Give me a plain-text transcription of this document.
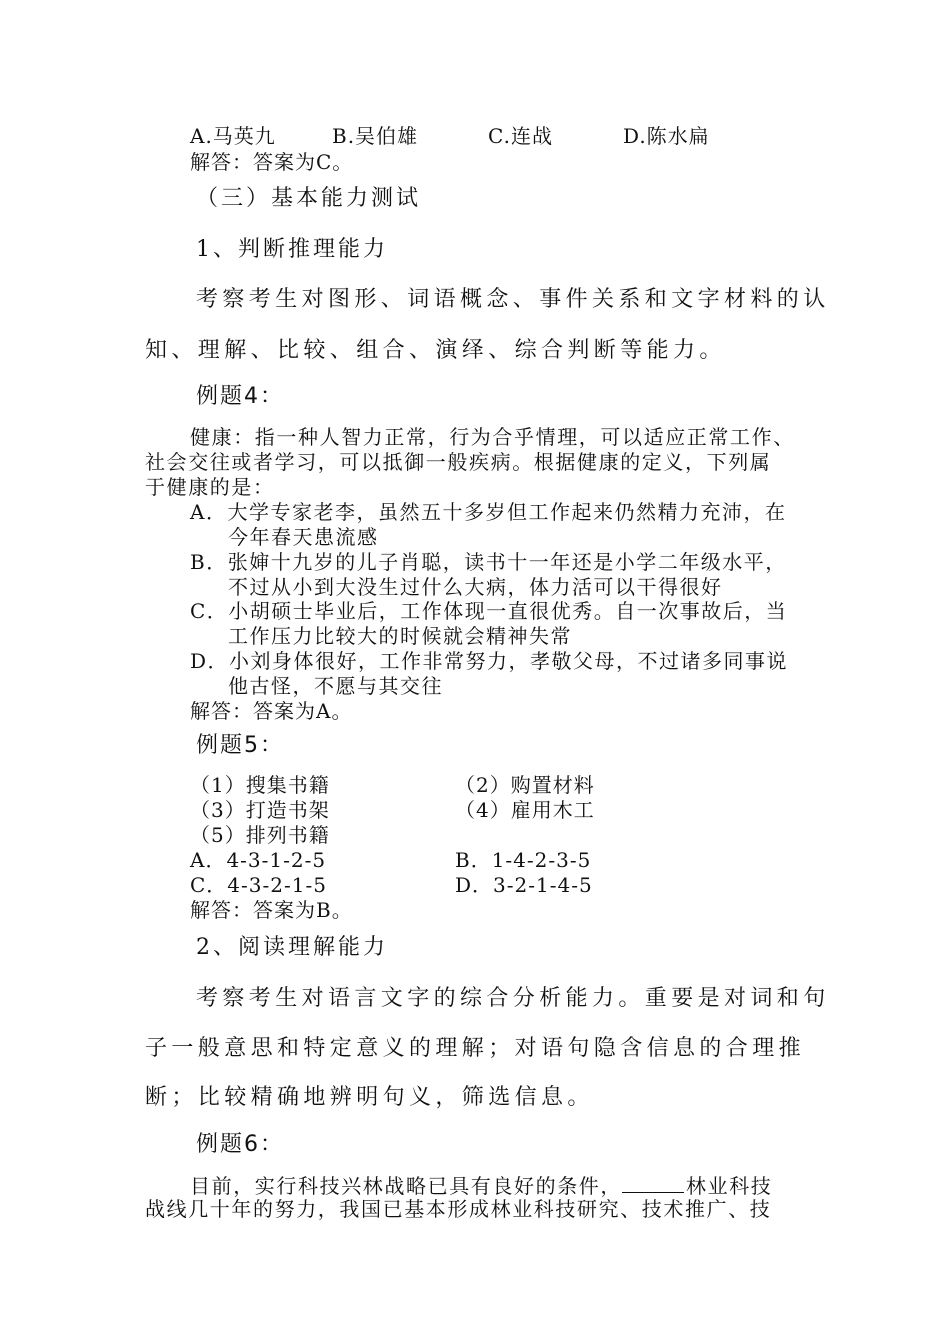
A.马英九	B.吴伯雄	C.连战	D.陈水扁
解答：答案为C。
（三）基本能力测试
1、判断推理能力
考察考生对图形、词语概念、事件关系和文字材料的认
知、理解、比较、组合、演绎、综合判断等能力。
例题4：
健康：指一种人智力正常，行为合乎情理，可以适应正常工作、
社会交往或者学习，可以抵御一般疾病。根据健康的定义，下列属
于健康的是：
A．大学专家老李，虽然五十多岁但工作起来仍然精力充沛，在
今年春天患流感
B．张婶十九岁的儿子肖聪，读书十一年还是小学二年级水平，
不过从小到大没生过什么大病，体力活可以干得很好
C．小胡硕士毕业后，工作体现一直很优秀。自一次事故后，当
工作压力比较大的时候就会精神失常
D．小刘身体很好，工作非常努力，孝敬父母，不过诸多同事说
他古怪，不愿与其交往
解答：答案为A。
例题5：
（1）搜集书籍	（2）购置材料
（3）打造书架	（4）雇用木工
（5）排列书籍
A．4-3-1-2-5	B．1-4-2-3-5
C．4-3-2-1-5	D．3-2-1-4-5
解答：答案为B。
2、阅读理解能力
考察考生对语言文字的综合分析能力。重要是对词和句
子一般意思和特定意义的理解；对语句隐含信息的合理推
断；比较精确地辨明句义，筛选信息。
例题6：
目前，实行科技兴林战略已具有良好的条件，	林业科技
战线几十年的努力，我国已基本形成林业科技研究、技术推广、技
